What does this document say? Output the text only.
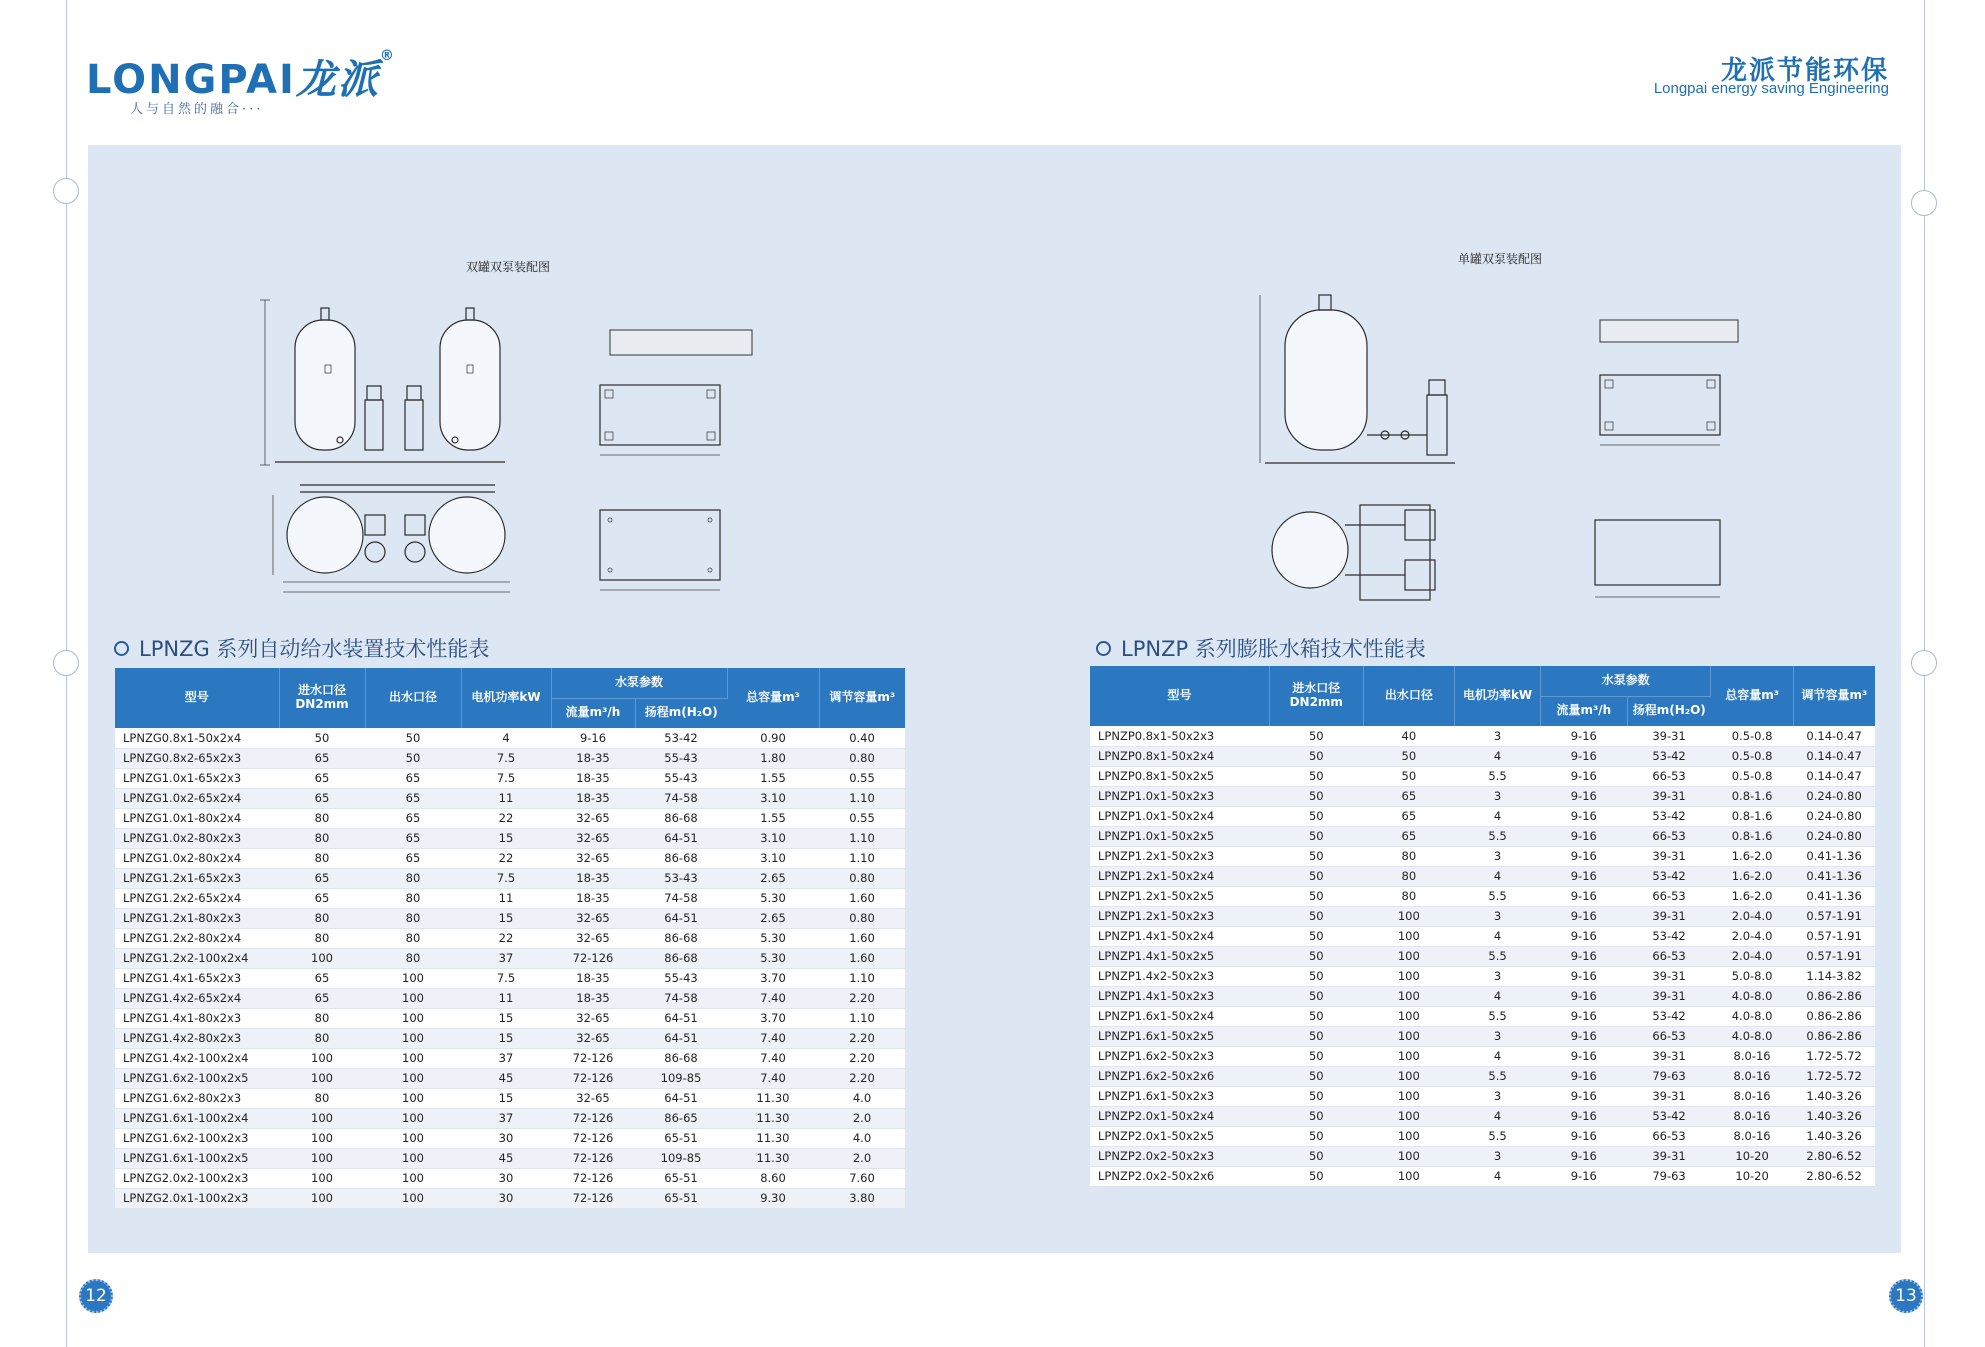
LONGPAI龙派®
人与自然的融合···
龙派节能环保
Longpai energy saving Engineering
双罐双泵装配图
单罐双泵装配图
LPNZG 系列自动给水装置技术性能表
型号	进水口径DN2mm	出水口径	电机功率kW	水泵参数		总容量m³	调节容量m³
				流量m³/h	扬程m(H₂O)		
LPNZG0.8x1-50x2x4	50	50	4	9-16	53-42	0.90	0.40
LPNZG0.8x2-65x2x3	65	50	7.5	18-35	55-43	1.80	0.80
LPNZG1.0x1-65x2x3	65	65	7.5	18-35	55-43	1.55	0.55
LPNZG1.0x2-65x2x4	65	65	11	18-35	74-58	3.10	1.10
LPNZG1.0x1-80x2x4	80	65	22	32-65	86-68	1.55	0.55
LPNZG1.0x2-80x2x3	80	65	15	32-65	64-51	3.10	1.10
LPNZG1.0x2-80x2x4	80	65	22	32-65	86-68	3.10	1.10
LPNZG1.2x1-65x2x3	65	80	7.5	18-35	53-43	2.65	0.80
LPNZG1.2x2-65x2x4	65	80	11	18-35	74-58	5.30	1.60
LPNZG1.2x1-80x2x3	80	80	15	32-65	64-51	2.65	0.80
LPNZG1.2x2-80x2x4	80	80	22	32-65	86-68	5.30	1.60
LPNZG1.2x2-100x2x4	100	80	37	72-126	86-68	5.30	1.60
LPNZG1.4x1-65x2x3	65	100	7.5	18-35	55-43	3.70	1.10
LPNZG1.4x2-65x2x4	65	100	11	18-35	74-58	7.40	2.20
LPNZG1.4x1-80x2x3	80	100	15	32-65	64-51	3.70	1.10
LPNZG1.4x2-80x2x3	80	100	15	32-65	64-51	7.40	2.20
LPNZG1.4x2-100x2x4	100	100	37	72-126	86-68	7.40	2.20
LPNZG1.6x2-100x2x5	100	100	45	72-126	109-85	7.40	2.20
LPNZG1.6x2-80x2x3	80	100	15	32-65	64-51	11.30	4.0
LPNZG1.6x1-100x2x4	100	100	37	72-126	86-65	11.30	2.0
LPNZG1.6x2-100x2x3	100	100	30	72-126	65-51	11.30	4.0
LPNZG1.6x1-100x2x5	100	100	45	72-126	109-85	11.30	2.0
LPNZG2.0x2-100x2x3	100	100	30	72-126	65-51	8.60	7.60
LPNZG2.0x1-100x2x3	100	100	30	72-126	65-51	9.30	3.80
12
LPNZP 系列膨胀水箱技术性能表
型号	进水口径DN2mm	出水口径	电机功率kW	水泵参数		总容量m³	调节容量m³
				流量m³/h	扬程m(H₂O)		
LPNZP0.8x1-50x2x3	50	40	3	9-16	39-31	0.5-0.8	0.14-0.47
LPNZP0.8x1-50x2x4	50	50	4	9-16	53-42	0.5-0.8	0.14-0.47
LPNZP0.8x1-50x2x5	50	50	5.5	9-16	66-53	0.5-0.8	0.14-0.47
LPNZP1.0x1-50x2x3	50	65	3	9-16	39-31	0.8-1.6	0.24-0.80
LPNZP1.0x1-50x2x4	50	65	4	9-16	53-42	0.8-1.6	0.24-0.80
LPNZP1.0x1-50x2x5	50	65	5.5	9-16	66-53	0.8-1.6	0.24-0.80
LPNZP1.2x1-50x2x3	50	80	3	9-16	39-31	1.6-2.0	0.41-1.36
LPNZP1.2x1-50x2x4	50	80	4	9-16	53-42	1.6-2.0	0.41-1.36
LPNZP1.2x1-50x2x5	50	80	5.5	9-16	66-53	1.6-2.0	0.41-1.36
LPNZP1.2x1-50x2x3	50	100	3	9-16	39-31	2.0-4.0	0.57-1.91
LPNZP1.4x1-50x2x4	50	100	4	9-16	53-42	2.0-4.0	0.57-1.91
LPNZP1.4x1-50x2x5	50	100	5.5	9-16	66-53	2.0-4.0	0.57-1.91
LPNZP1.4x2-50x2x3	50	100	3	9-16	39-31	5.0-8.0	1.14-3.82
LPNZP1.4x1-50x2x3	50	100	4	9-16	39-31	4.0-8.0	0.86-2.86
LPNZP1.6x1-50x2x4	50	100	5.5	9-16	53-42	4.0-8.0	0.86-2.86
LPNZP1.6x1-50x2x5	50	100	3	9-16	66-53	4.0-8.0	0.86-2.86
LPNZP1.6x2-50x2x3	50	100	4	9-16	39-31	8.0-16	1.72-5.72
LPNZP1.6x2-50x2x6	50	100	5.5	9-16	79-63	8.0-16	1.72-5.72
LPNZP1.6x1-50x2x3	50	100	3	9-16	39-31	8.0-16	1.40-3.26
LPNZP2.0x1-50x2x4	50	100	4	9-16	53-42	8.0-16	1.40-3.26
LPNZP2.0x1-50x2x5	50	100	5.5	9-16	66-53	8.0-16	1.40-3.26
LPNZP2.0x2-50x2x3	50	100	3	9-16	39-31	10-20	2.80-6.52
LPNZP2.0x2-50x2x6	50	100	4	9-16	79-63	10-20	2.80-6.52
13
